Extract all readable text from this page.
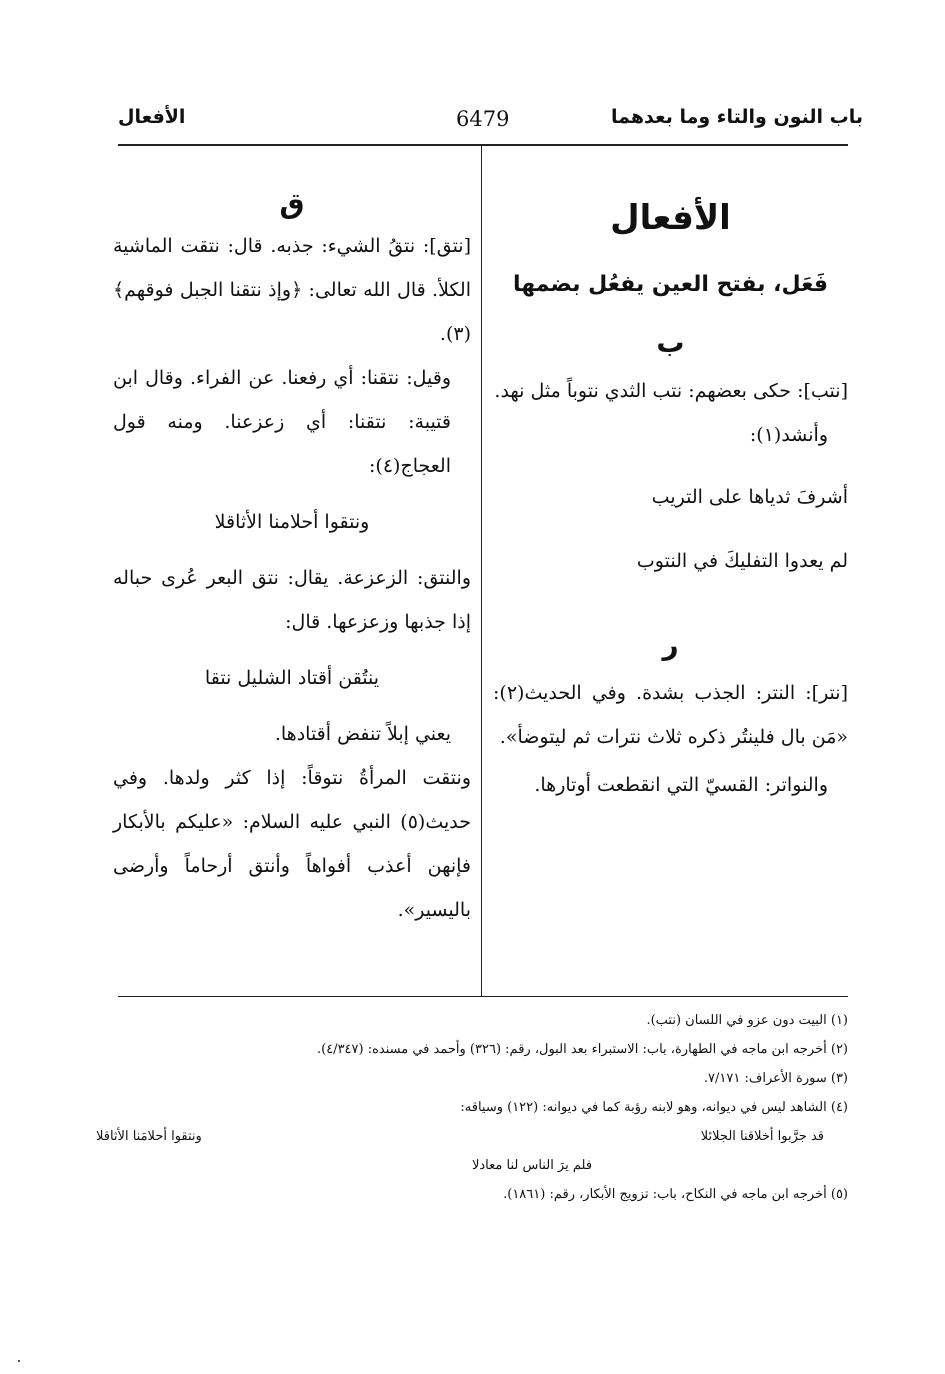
باب النون والتاء وما بعدهما
6479
الأفعال
الأفعال
فَعَل، بفتح العين يفعُل بضمها
ب
[نتب]: حكى بعضهم: نتب الثدي نتوباً مثل نهد.
وأنشد(١):
أشرفَ ثدياها على التريب
لم يعدوا التفليكَ في النتوب
ر
[نتر]: النتر: الجذب بشدة. وفي الحديث(٢): «مَن بال فلينتُر ذكره ثلاث نترات ثم ليتوضأ».
والنواتر: القسيّ التي انقطعت أوتارها.
ق
[نتق]: نتقُ الشيء: جذبه. قال: نتقت الماشية الكلأ. قال الله تعالى: ﴿وإذ نتقنا الجبل فوقهم﴾(٣).
وقيل: نتقنا: أي رفعنا. عن الفراء. وقال ابن قتيبة: نتقنا: أي زعزعنا. ومنه قول العجاج(٤):
ونتقوا أحلامنا الأثاقلا
والنتق: الزعزعة. يقال: نتق البعر عُرى حباله إذا جذبها وزعزعها. قال:
ينتُقن أقتاد الشليل نتقا
يعني إبلاً تنفض أقتادها.
ونتقت المرأةُ نتوقاً: إذا كثر ولدها. وفي حديث(٥) النبي عليه السلام: «عليكم بالأبكار فإنهن أعذب أفواهاً وأنتق أرحاماً وأرضى باليسير».
(١) البيت دون عزو في اللسان (نتب).
(٢) أخرجه ابن ماجه في الطهارة، باب: الاستبراء بعد البول، رقم: (٣٢٦) وأحمد في مسنده: (٤/٣٤٧).
(٣) سورة الأعراف: ٧/١٧١.
(٤) الشاهد ليس في ديوانه، وهو لابنه رؤبة كما في ديوانه: (١٢٢) وسياقه:
قد جرَّبوا أخلاقنا الجلائلا
ونتقوا أحلامَنا الأثاقلا
فلم يرَ الناس لنا معادلا
(٥) أخرجه ابن ماجه في النكاح، باب: تزويج الأبكار، رقم: (١٨٦١).
